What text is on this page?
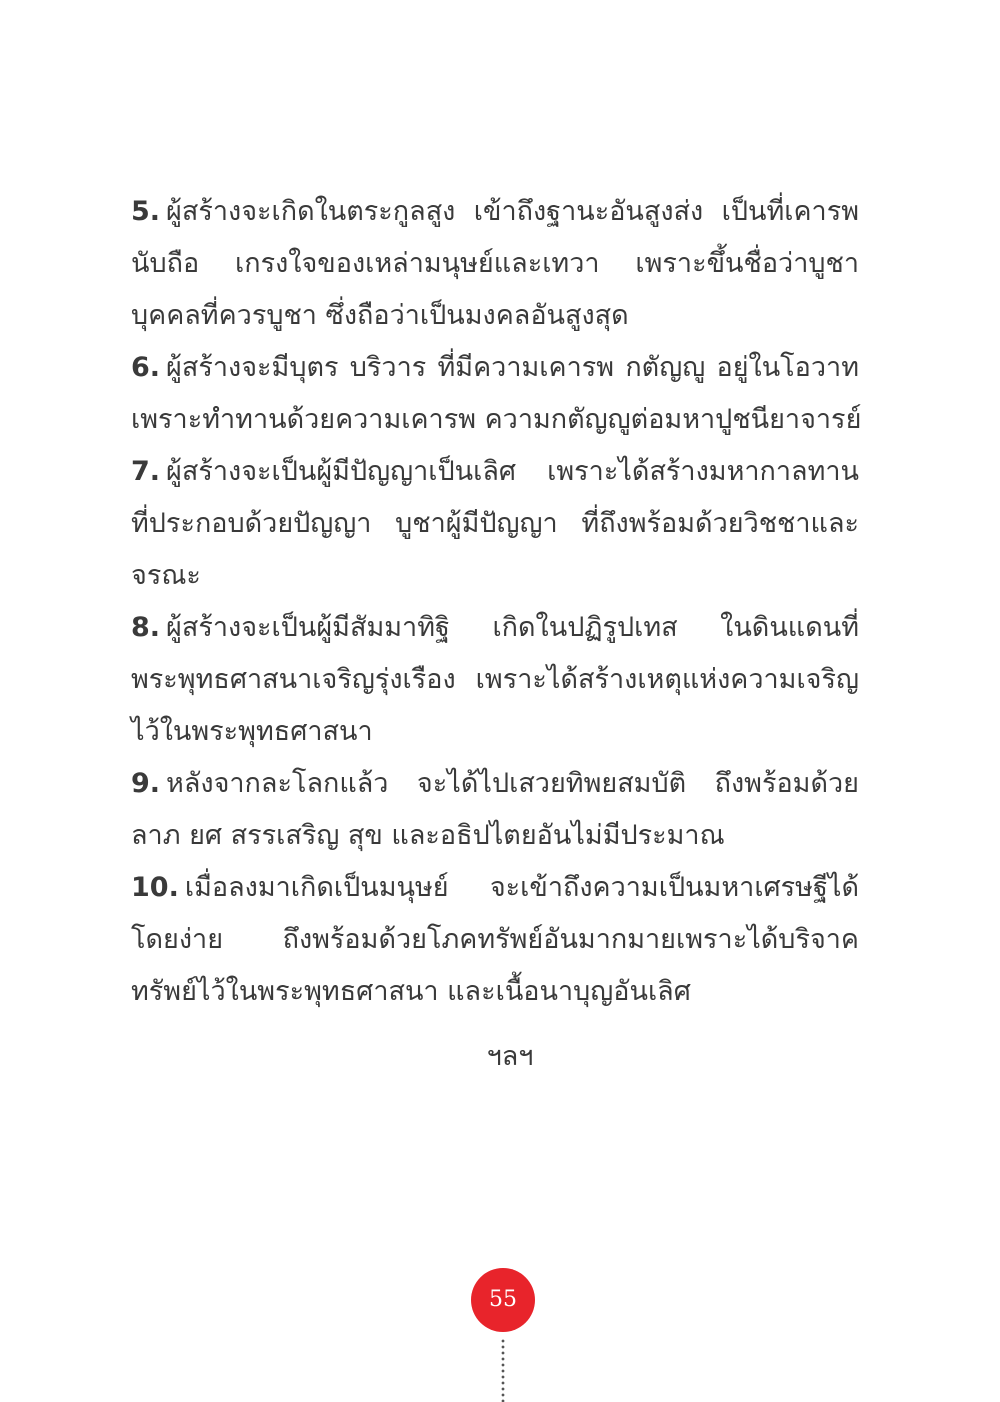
5. ผู้สร้างจะเกิดในตระกูลสูง เข้าถึงฐานะอันสูงส่ง เป็นที่เคารพ
นับถือ เกรงใจของเหล่ามนุษย์และเทวา เพราะขึ้นชื่อว่าบูชา
บุคคลที่ควรบูชา ซึ่งถือว่าเป็นมงคลอันสูงสุด
6. ผู้สร้างจะมีบุตร บริวาร ที่มีความเคารพ กตัญญู อยู่ในโอวาท
เพราะทำทานด้วยความเคารพ ความกตัญญูต่อมหาปูชนียาจารย์
7. ผู้สร้างจะเป็นผู้มีปัญญาเป็นเลิศ เพราะได้สร้างมหากาลทาน
ที่ประกอบด้วยปัญญา บูชาผู้มีปัญญา ที่ถึงพร้อมด้วยวิชชาและ
จรณะ
8. ผู้สร้างจะเป็นผู้มีสัมมาทิฐิ เกิดในปฏิรูปเทส ในดินแดนที่
พระพุทธศาสนาเจริญรุ่งเรือง เพราะได้สร้างเหตุแห่งความเจริญ
ไว้ในพระพุทธศาสนา
9. หลังจากละโลกแล้ว จะได้ไปเสวยทิพยสมบัติ ถึงพร้อมด้วย
ลาภ ยศ สรรเสริญ สุข และอธิปไตยอันไม่มีประมาณ
10. เมื่อลงมาเกิดเป็นมนุษย์ จะเข้าถึงความเป็นมหาเศรษฐีได้
โดยง่าย ถึงพร้อมด้วยโภคทรัพย์อันมากมายเพราะได้บริจาค
ทรัพย์ไว้ในพระพุทธศาสนา และเนื้อนาบุญอันเลิศ
ฯลฯ
55
